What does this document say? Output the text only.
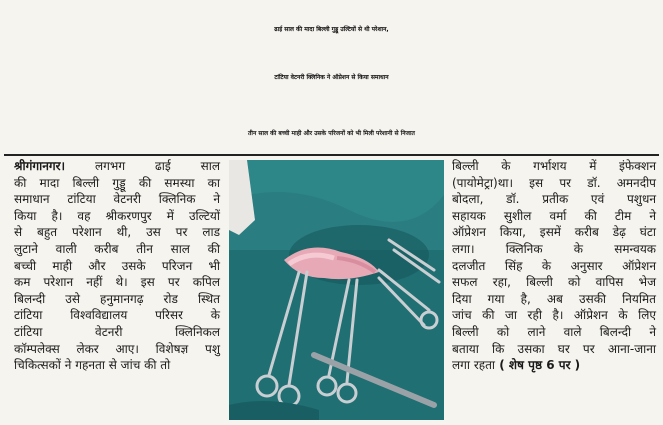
ढाई साल की मादा बिल्ली गुड्डू उल्टियों से थी परेशान,
टांटिया वेटनरी क्लिनिक ने ऑप्रेशन से किया समाधान
तीन साल की बच्ची माही और उसके परिजनों को भी मिली परेशानी से निजात
श्रीगंगानगर। लगभग ढाई साल
की मादा बिल्ली गुड्डू की समस्या का
समाधान टांटिया वेटनरी क्लिनिक ने
किया है। वह श्रीकरणपुर में उल्टियों
से बहुत परेशान थी, उस पर लाड
लुटाने वाली करीब तीन साल की
बच्ची माही और उसके परिजन भी
कम परेशान नहीं थे। इस पर कपिल
बिलन्दी उसे हनुमानगढ़ रोड स्थित
टांटिया विश्वविद्यालय परिसर के
टांटिया वेटनरी क्लिनिकल
कॉम्पलेक्स लेकर आए। विशेषज्ञ पशु
चिकित्सकों ने गहनता से जांच की तो
बिल्ली के गर्भाशय में इंफेक्शन
(पायोमेट्रा)था। इस पर डॉ. अमनदीप
बोदला, डॉ. प्रतीक एवं पशुधन
सहायक सुशील वर्मा की टीम ने
ऑप्रेशन किया, इसमें करीब डेढ़ घंटा
लगा। क्लिनिक के समन्वयक
दलजीत सिंह के अनुसार ऑप्रेशन
सफल रहा, बिल्ली को वापिस भेज
दिया गया है, अब उसकी नियमित
जांच की जा रही है। ऑप्रेशन के लिए
बिल्ली को लाने वाले बिलन्दी ने
बताया कि उसका घर पर आना-जाना
लगा रहता ( शेष पृष्ठ 6 पर )
